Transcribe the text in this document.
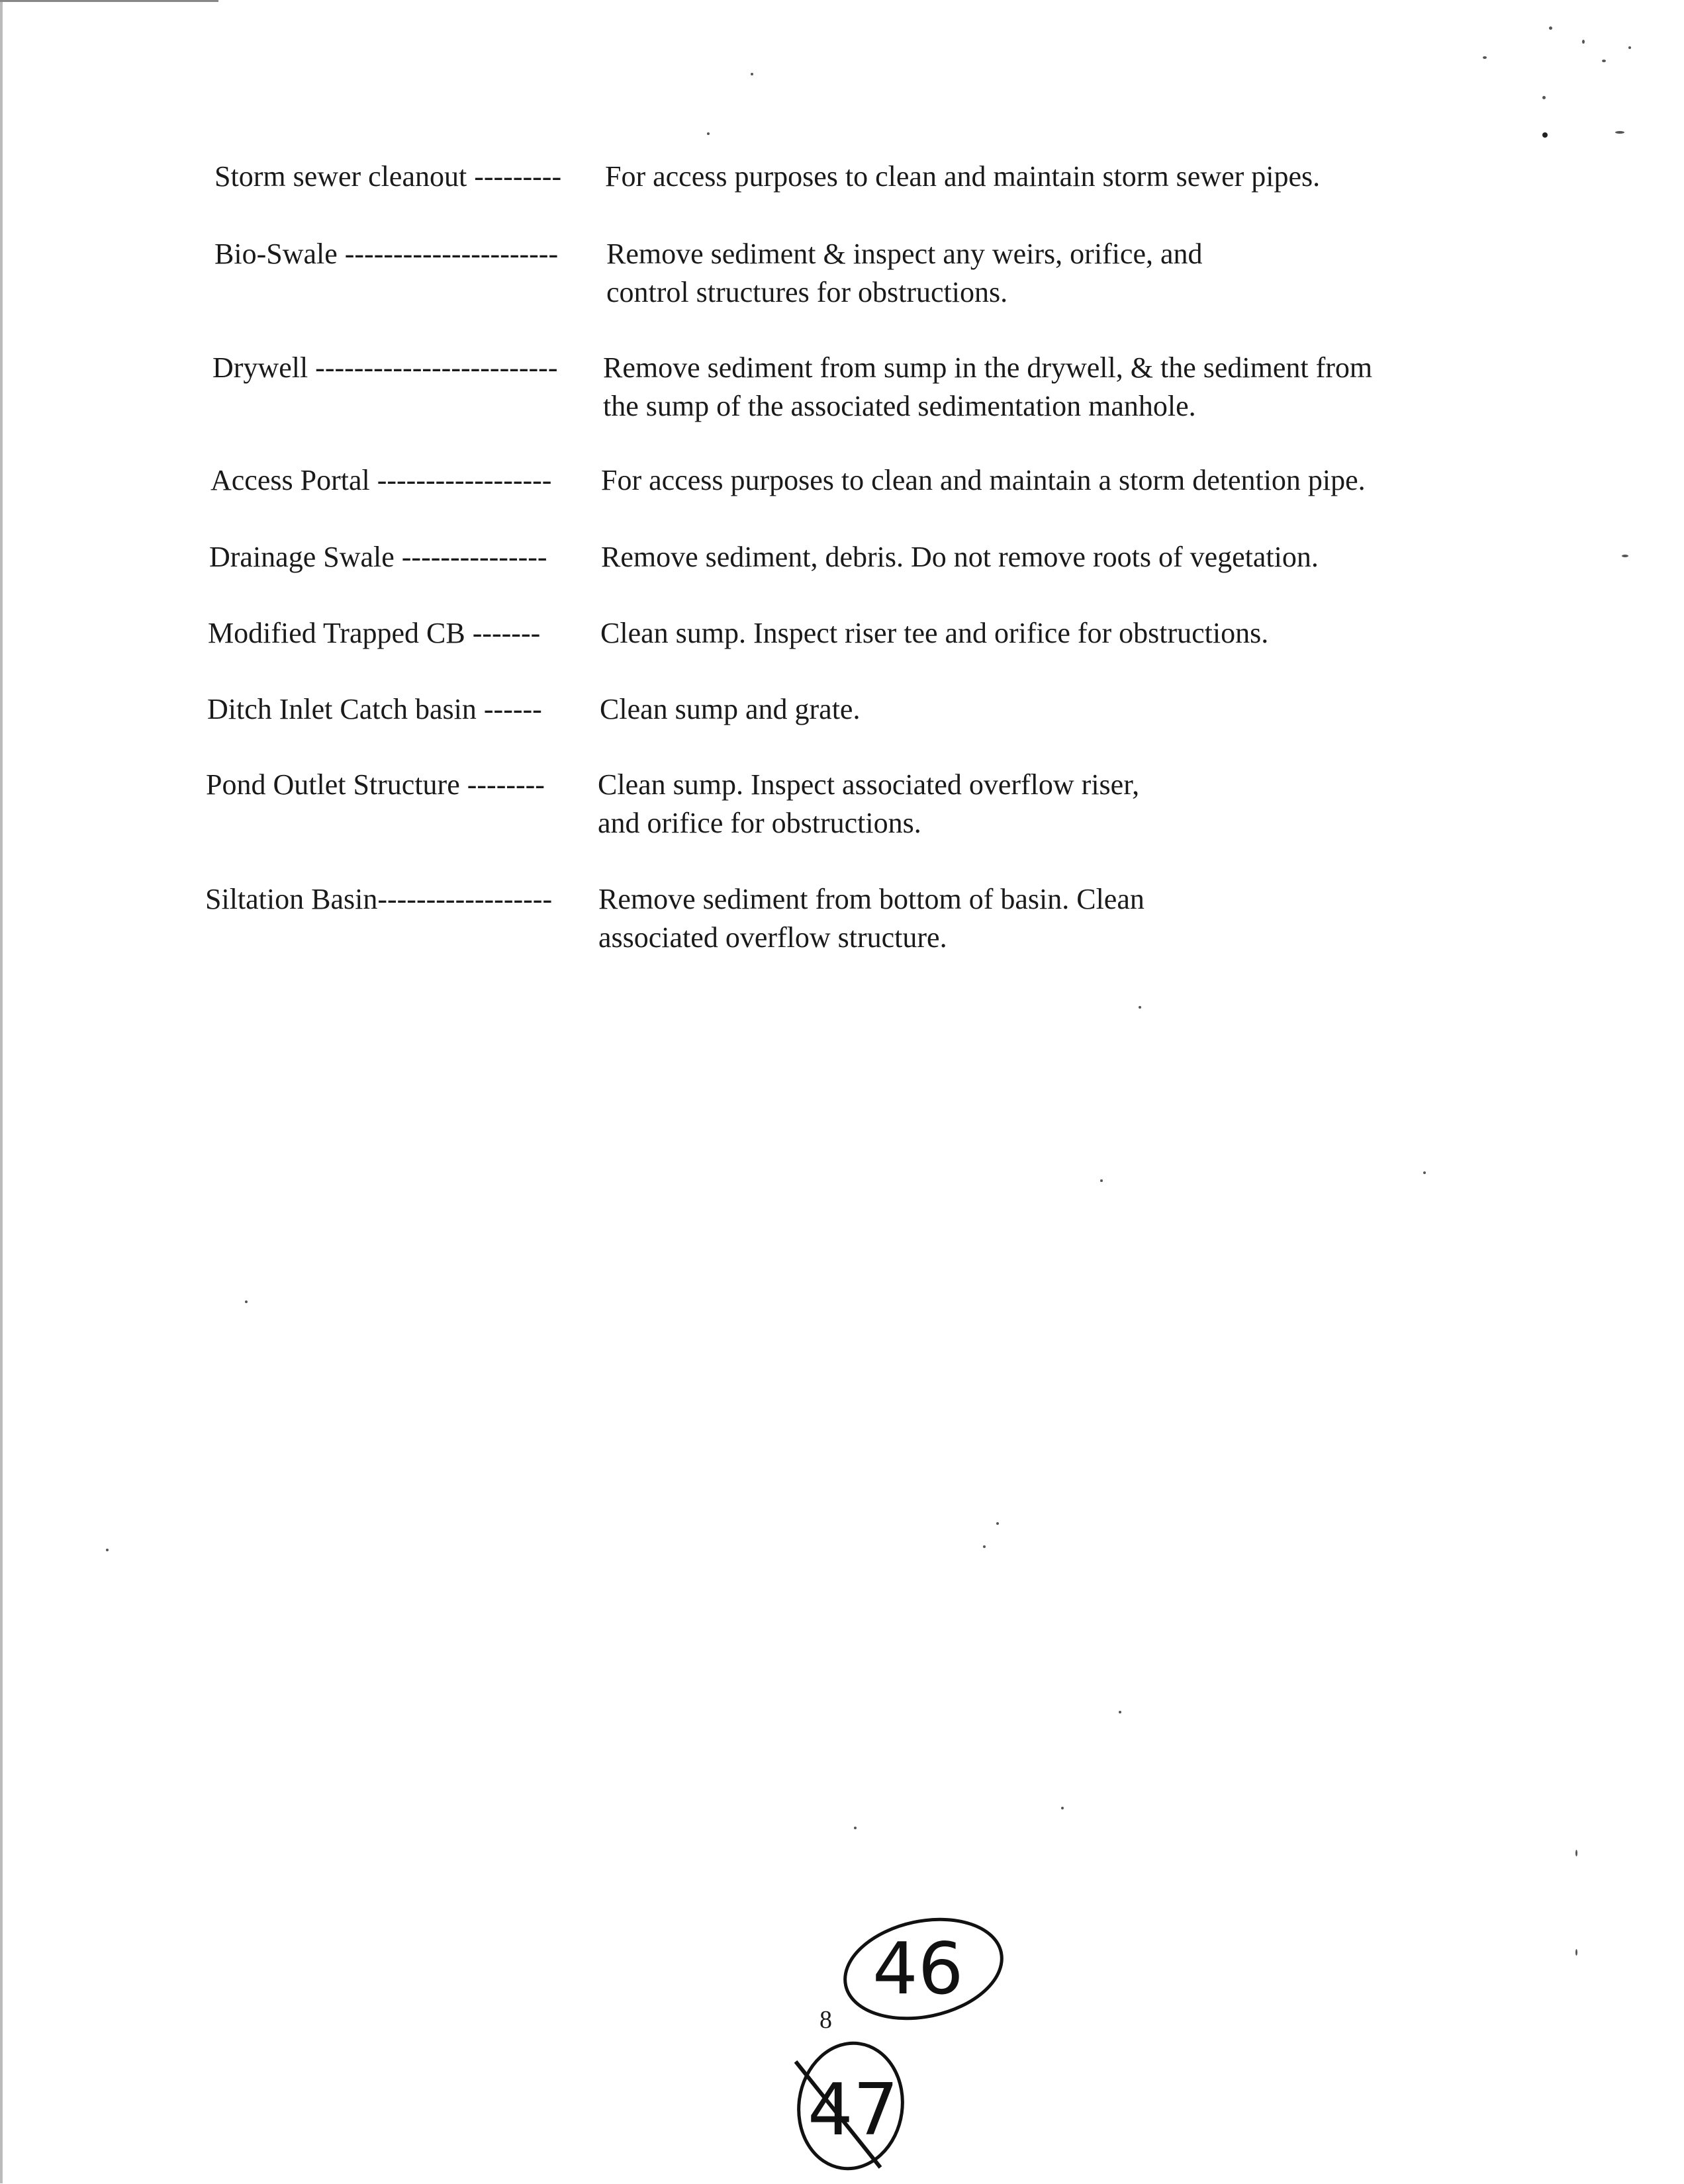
Storm sewer cleanout --------- For access purposes to clean and maintain storm sewer pipes.
Bio-Swale ---------------------- Remove sediment & inspect any weirs, orifice, and
control structures for obstructions.
Drywell ------------------------- Remove sediment from sump in the drywell, & the sediment from
the sump of the associated sedimentation manhole.
Access Portal ------------------ For access purposes to clean and maintain a storm detention pipe.
Drainage Swale --------------- Remove sediment, debris. Do not remove roots of vegetation.
Modified Trapped CB ------- Clean sump. Inspect riser tee and orifice for obstructions.
Ditch Inlet Catch basin ------ Clean sump and grate.
Pond Outlet Structure -------- Clean sump. Inspect associated overflow riser,
and orifice for obstructions.
Siltation Basin------------------ Remove sediment from bottom of basin. Clean
associated overflow structure.
8
46
47
